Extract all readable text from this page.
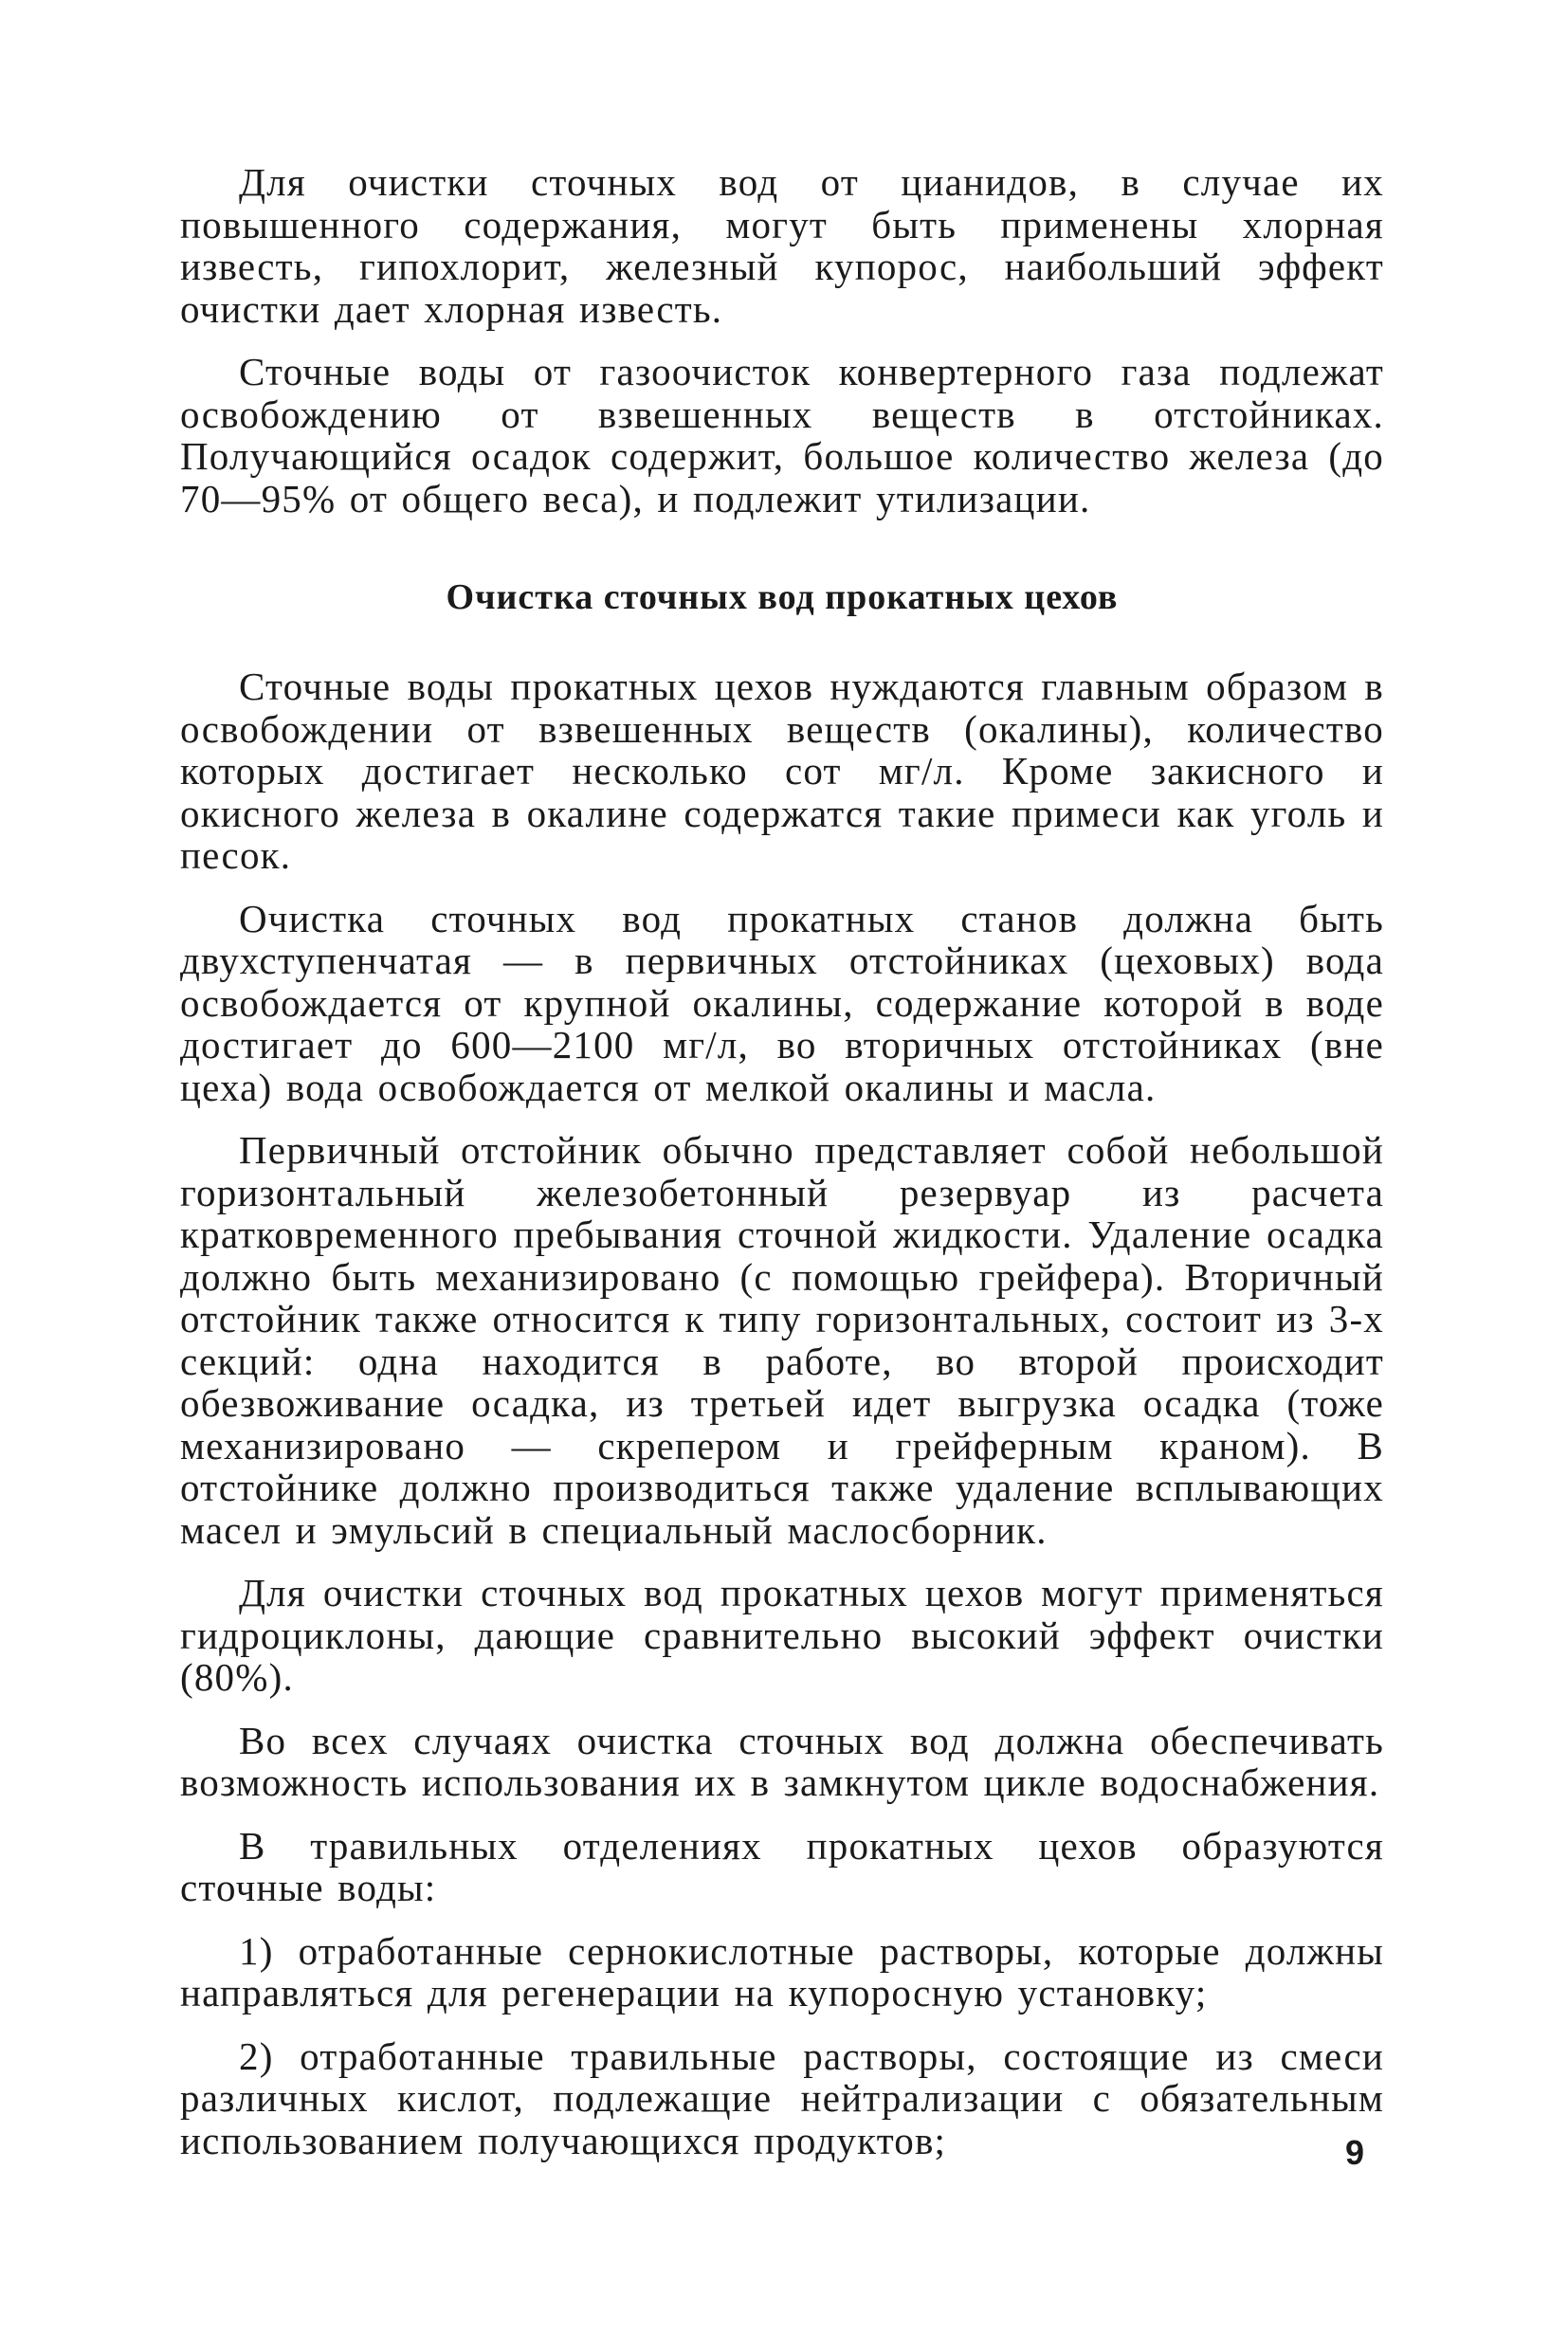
Для очистки сточных вод от цианидов, в случае их повышенного содержания, могут быть применены хлорная известь, гипохлорит, железный купорос, наибольший эффект очистки дает хлорная известь.

Сточные воды от газоочисток конвертерного газа подлежат освобождению от взвешенных веществ в отстойниках. Получающийся осадок содержит, большое количество железа (до 70—95% от общего веса), и подлежит утилизации.

Очистка сточных вод прокатных цехов

Сточные воды прокатных цехов нуждаются главным образом в освобождении от взвешенных веществ (окалины), количество которых достигает несколько сот мг/л. Кроме закисного и окисного железа в окалине содержатся такие примеси как уголь и песок.

Очистка сточных вод прокатных станов должна быть двухступенчатая — в первичных отстойниках (цеховых) вода освобождается от крупной окалины, содержание которой в воде достигает до 600—2100 мг/л, во вторичных отстойниках (вне цеха) вода освобождается от мелкой окалины и масла.

Первичный отстойник обычно представляет собой небольшой горизонтальный железобетонный резервуар из расчета кратковременного пребывания сточной жидкости. Удаление осадка должно быть механизировано (с помощью грейфера). Вторичный отстойник также относится к типу горизонтальных, состоит из 3-х секций: одна находится в работе, во второй происходит обезвоживание осадка, из третьей идет выгрузка осадка (тоже механизировано — скрепером и грейферным краном). В отстойнике должно производиться также удаление всплывающих масел и эмульсий в специальный маслосборник.

Для очистки сточных вод прокатных цехов могут применяться гидроциклоны, дающие сравнительно высокий эффект очистки (80%).

Во всех случаях очистка сточных вод должна обеспечивать возможность использования их в замкнутом цикле водоснабжения.

В травильных отделениях прокатных цехов образуются сточные воды:

1) отработанные сернокислотные растворы, которые должны направляться для регенерации на купоросную установку;

2) отработанные травильные растворы, состоящие из смеси различных кислот, подлежащие нейтрализации с обязательным использованием получающихся продуктов;	9
